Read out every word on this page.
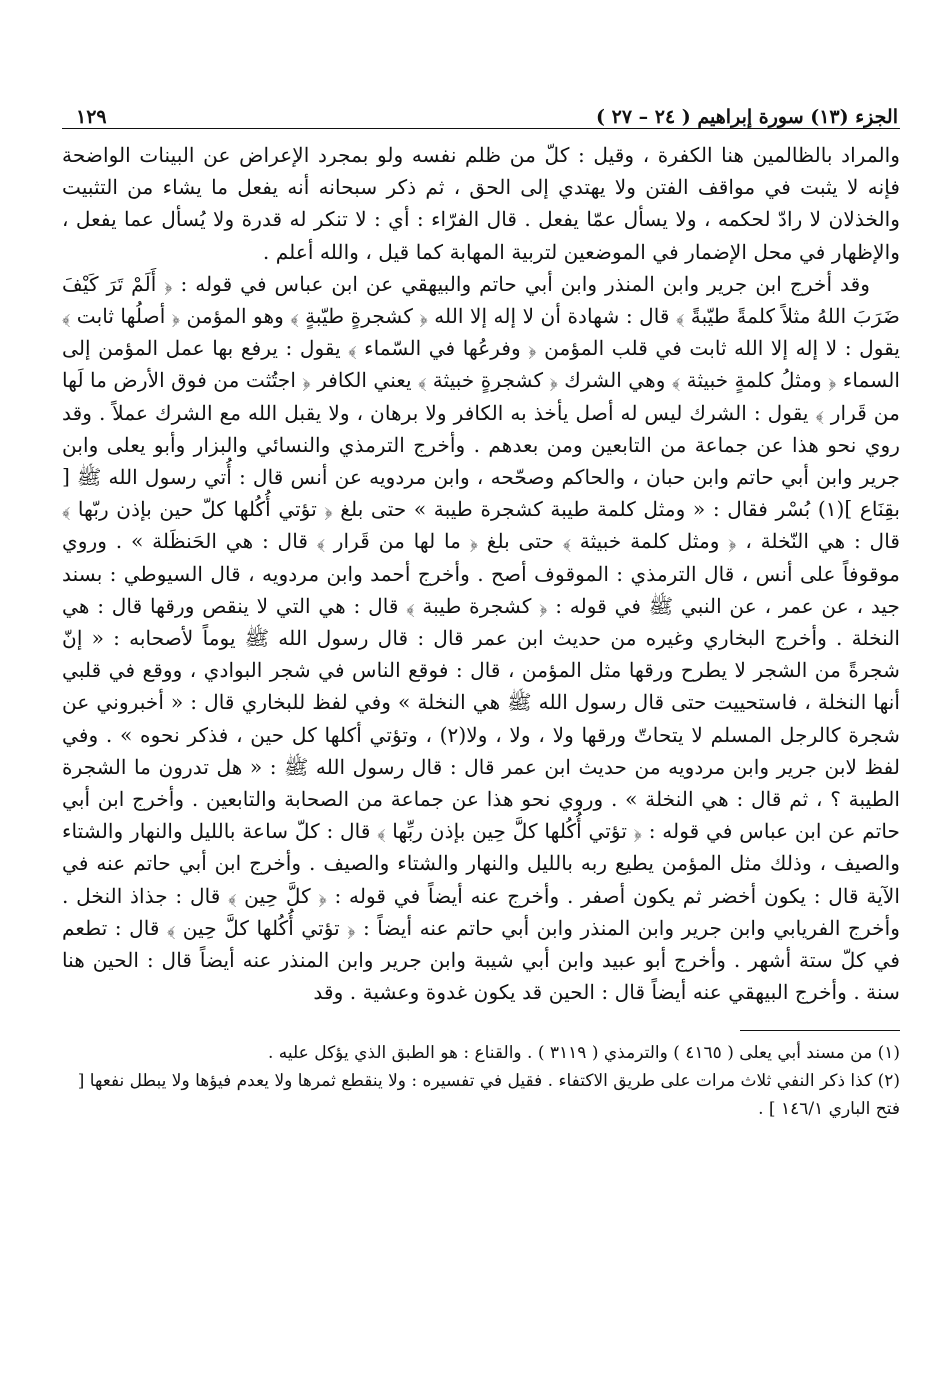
الجزء (١٣) سورة إبراهيم ( ٢٤ – ٢٧ )
١٢٩

والمراد بالظالمين هنا الكفرة ، وقيل : كلّ من ظلم نفسه ولو بمجرد الإعراض عن البينات الواضحة فإنه لا يثبت في مواقف الفتن ولا يهتدي إلى الحق ، ثم ذكر سبحانه أنه يفعل ما يشاء من التثبيت والخذلان لا رادّ لحكمه ، ولا يسأل عمّا يفعل . قال الفرّاء : أي : لا تنكر له قدرة ولا يُسأل عما يفعل ، والإظهار في محل الإضمار في الموضعين لتربية المهابة كما قيل ، والله أعلم .

وقد أخرج ابن جرير وابن المنذر وابن أبي حاتم والبيهقي عن ابن عباس في قوله : ﴿ أَلَمْ تَرَ كَيْفَ ضَرَبَ اللهُ مثلاً كلمةً طيّبةً ﴾ قال : شهادة أن لا إله إلا الله ﴿ كشجرةٍ طيّبةٍ ﴾ وهو المؤمن ﴿ أصلُها ثابت ﴾ يقول : لا إله إلا الله ثابت في قلب المؤمن ﴿ وفرعُها في السّماء ﴾ يقول : يرفع بها عمل المؤمن إلى السماء ﴿ ومثلُ كلمةٍ خبيثة ﴾ وهي الشرك ﴿ كشجرةٍ خبيثة ﴾ يعني الكافر ﴿ اجتُثت من فوق الأرض ما لَها من قَرار ﴾ يقول : الشرك ليس له أصل يأخذ به الكافر ولا برهان ، ولا يقبل الله مع الشرك عملاً . وقد روي نحو هذا عن جماعة من التابعين ومن بعدهم . وأخرج الترمذي والنسائي والبزار وأبو يعلى وابن جرير وابن أبي حاتم وابن حبان ، والحاكم وصحّحه ، وابن مردويه عن أنس قال : أُتي رسول الله ﷺ [ بقِنَاع ](١) بُسْر فقال : « ومثل كلمة طيبة كشجرة طيبة » حتى بلغ ﴿ تؤتي أُكُلها كلّ حين بإذن ربّها ﴾ قال : هي النّخلة ، ﴿ ومثل كلمة خبيثة ﴾ حتى بلغ ﴿ ما لها من قَرار ﴾ قال : هي الحَنظَلة » . وروي موقوفاً على أنس ، قال الترمذي : الموقوف أصح . وأخرج أحمد وابن مردويه ، قال السيوطي : بسند جيد ، عن عمر ، عن النبي ﷺ في قوله : ﴿ كشجرة طيبة ﴾ قال : هي التي لا ينقص ورقها قال : هي النخلة . وأخرج البخاري وغيره من حديث ابن عمر قال : قال رسول الله ﷺ يوماً لأصحابه : « إنّ شجرةً من الشجر لا يطرح ورقها مثل المؤمن ، قال : فوقع الناس في شجر البوادي ، ووقع في قلبي أنها النخلة ، فاستحييت حتى قال رسول الله ﷺ هي النخلة » وفي لفظ للبخاري قال : « أخبروني عن شجرة كالرجل المسلم لا يتحاتّ ورقها ولا ، ولا ، ولا(٢) ، وتؤتي أكلها كل حين ، فذكر نحوه » . وفي لفظ لابن جرير وابن مردويه من حديث ابن عمر قال : قال رسول الله ﷺ : « هل تدرون ما الشجرة الطيبة ؟ ، ثم قال : هي النخلة » . وروي نحو هذا عن جماعة من الصحابة والتابعين . وأخرج ابن أبي حاتم عن ابن عباس في قوله : ﴿ تؤتي أُكُلها كلَّ حِين بإذن ربِّها ﴾ قال : كلّ ساعة بالليل والنهار والشتاء والصيف ، وذلك مثل المؤمن يطيع ربه بالليل والنهار والشتاء والصيف . وأخرج ابن أبي حاتم عنه في الآية قال : يكون أخضر ثم يكون أصفر . وأخرج عنه أيضاً في قوله : ﴿ كلَّ حِين ﴾ قال : جذاذ النخل . وأخرج الفريابي وابن جرير وابن المنذر وابن أبي حاتم عنه أيضاً : ﴿ تؤتي أُكُلها كلَّ حِين ﴾ قال : تطعم في كلّ ستة أشهر . وأخرج أبو عبيد وابن أبي شيبة وابن جرير وابن المنذر عنه أيضاً قال : الحين هنا سنة . وأخرج البيهقي عنه أيضاً قال : الحين قد يكون غدوة وعشية . وقد

(١) من مسند أبي يعلى ( ٤١٦٥ ) والترمذي ( ٣١١٩ ) . والقناع : هو الطبق الذي يؤكل عليه .

(٢) كذا ذكر النفي ثلاث مرات على طريق الاكتفاء . فقيل في تفسيره : ولا ينقطع ثمرها ولا يعدم فيؤها ولا يبطل نفعها [ فتح الباري ١٤٦/١ ] .
